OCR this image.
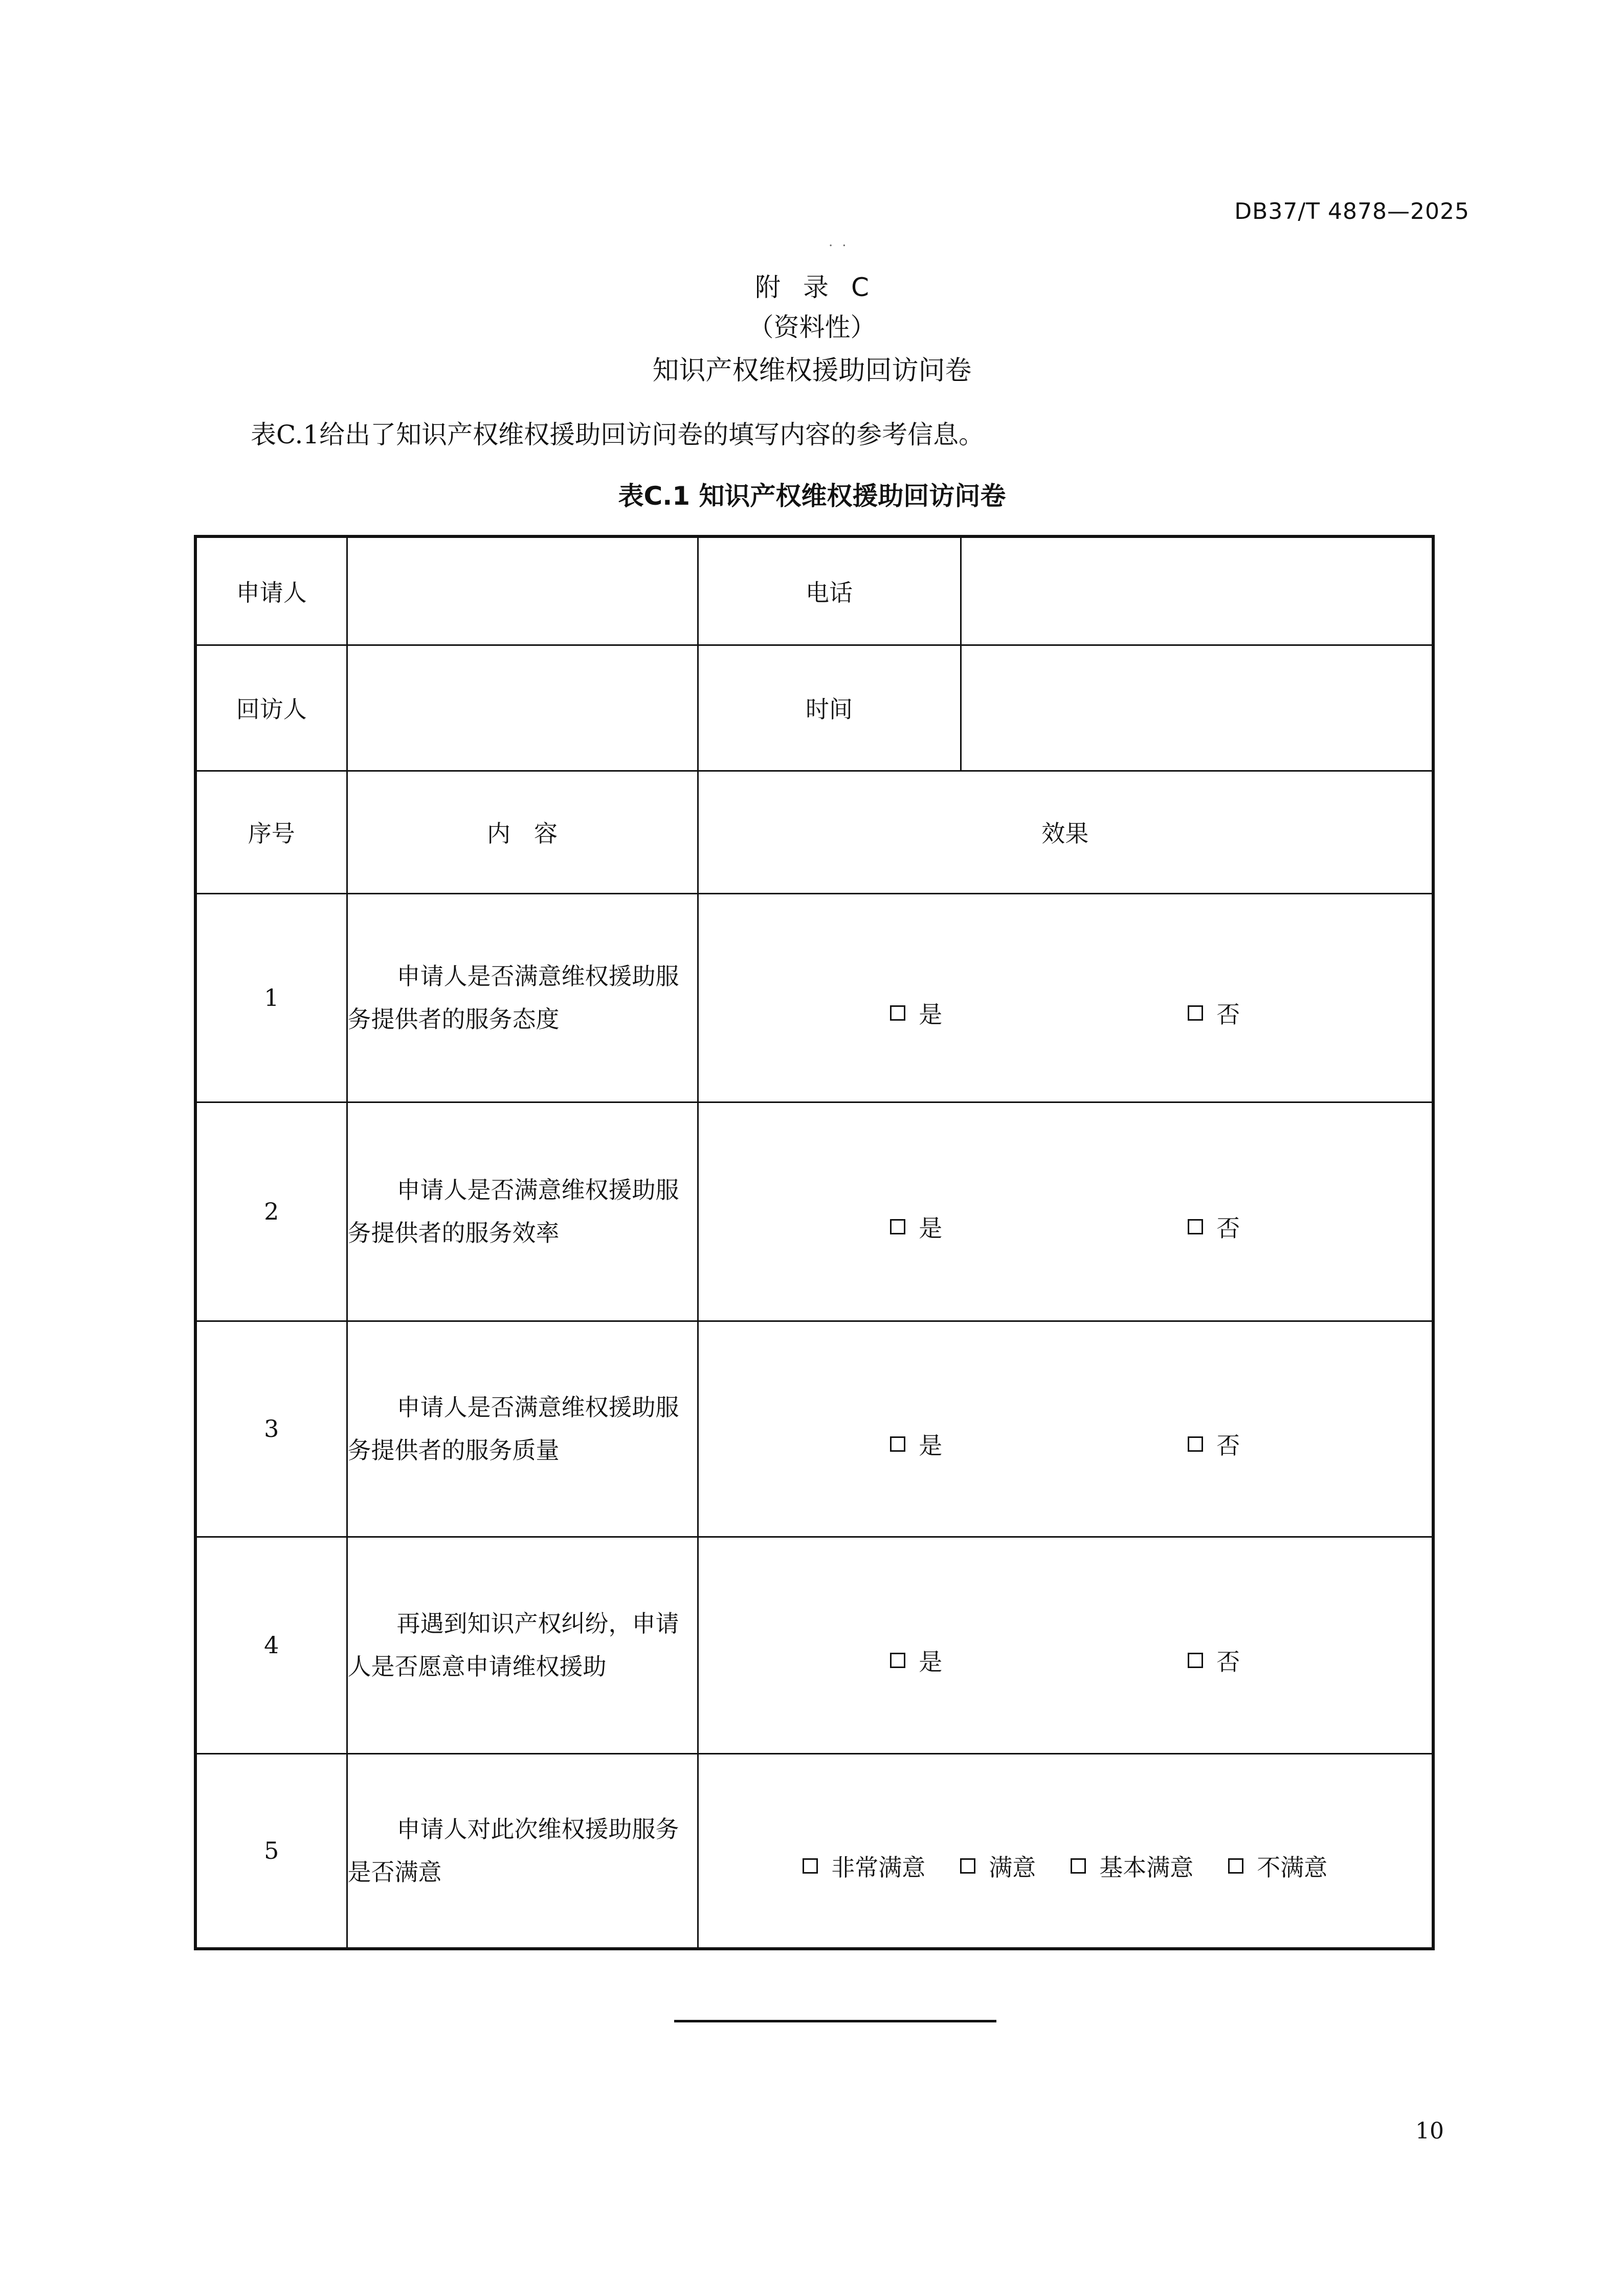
DB37/T 4878—2025
··
附录C
（资料性）
知识产权维权援助回访问卷
表C.1给出了知识产权维权援助回访问卷的填写内容的参考信息。
表C.1 知识产权维权援助回访问卷
申请人		电话	
回访人		时间	
序号	内　容	效果	
1	申请人是否满意维权援助服务提供者的服务态度	是 否	

2	申请人是否满意维权援助服务提供者的服务效率	是 否	

3	申请人是否满意维权援助服务提供者的服务质量	是 否	

4	再遇到知识产权纠纷，申请人是否愿意申请维权援助	是 否	

5	申请人对此次维权援助服务是否满意	非常满意 满意 基本满意 不满意	
10
